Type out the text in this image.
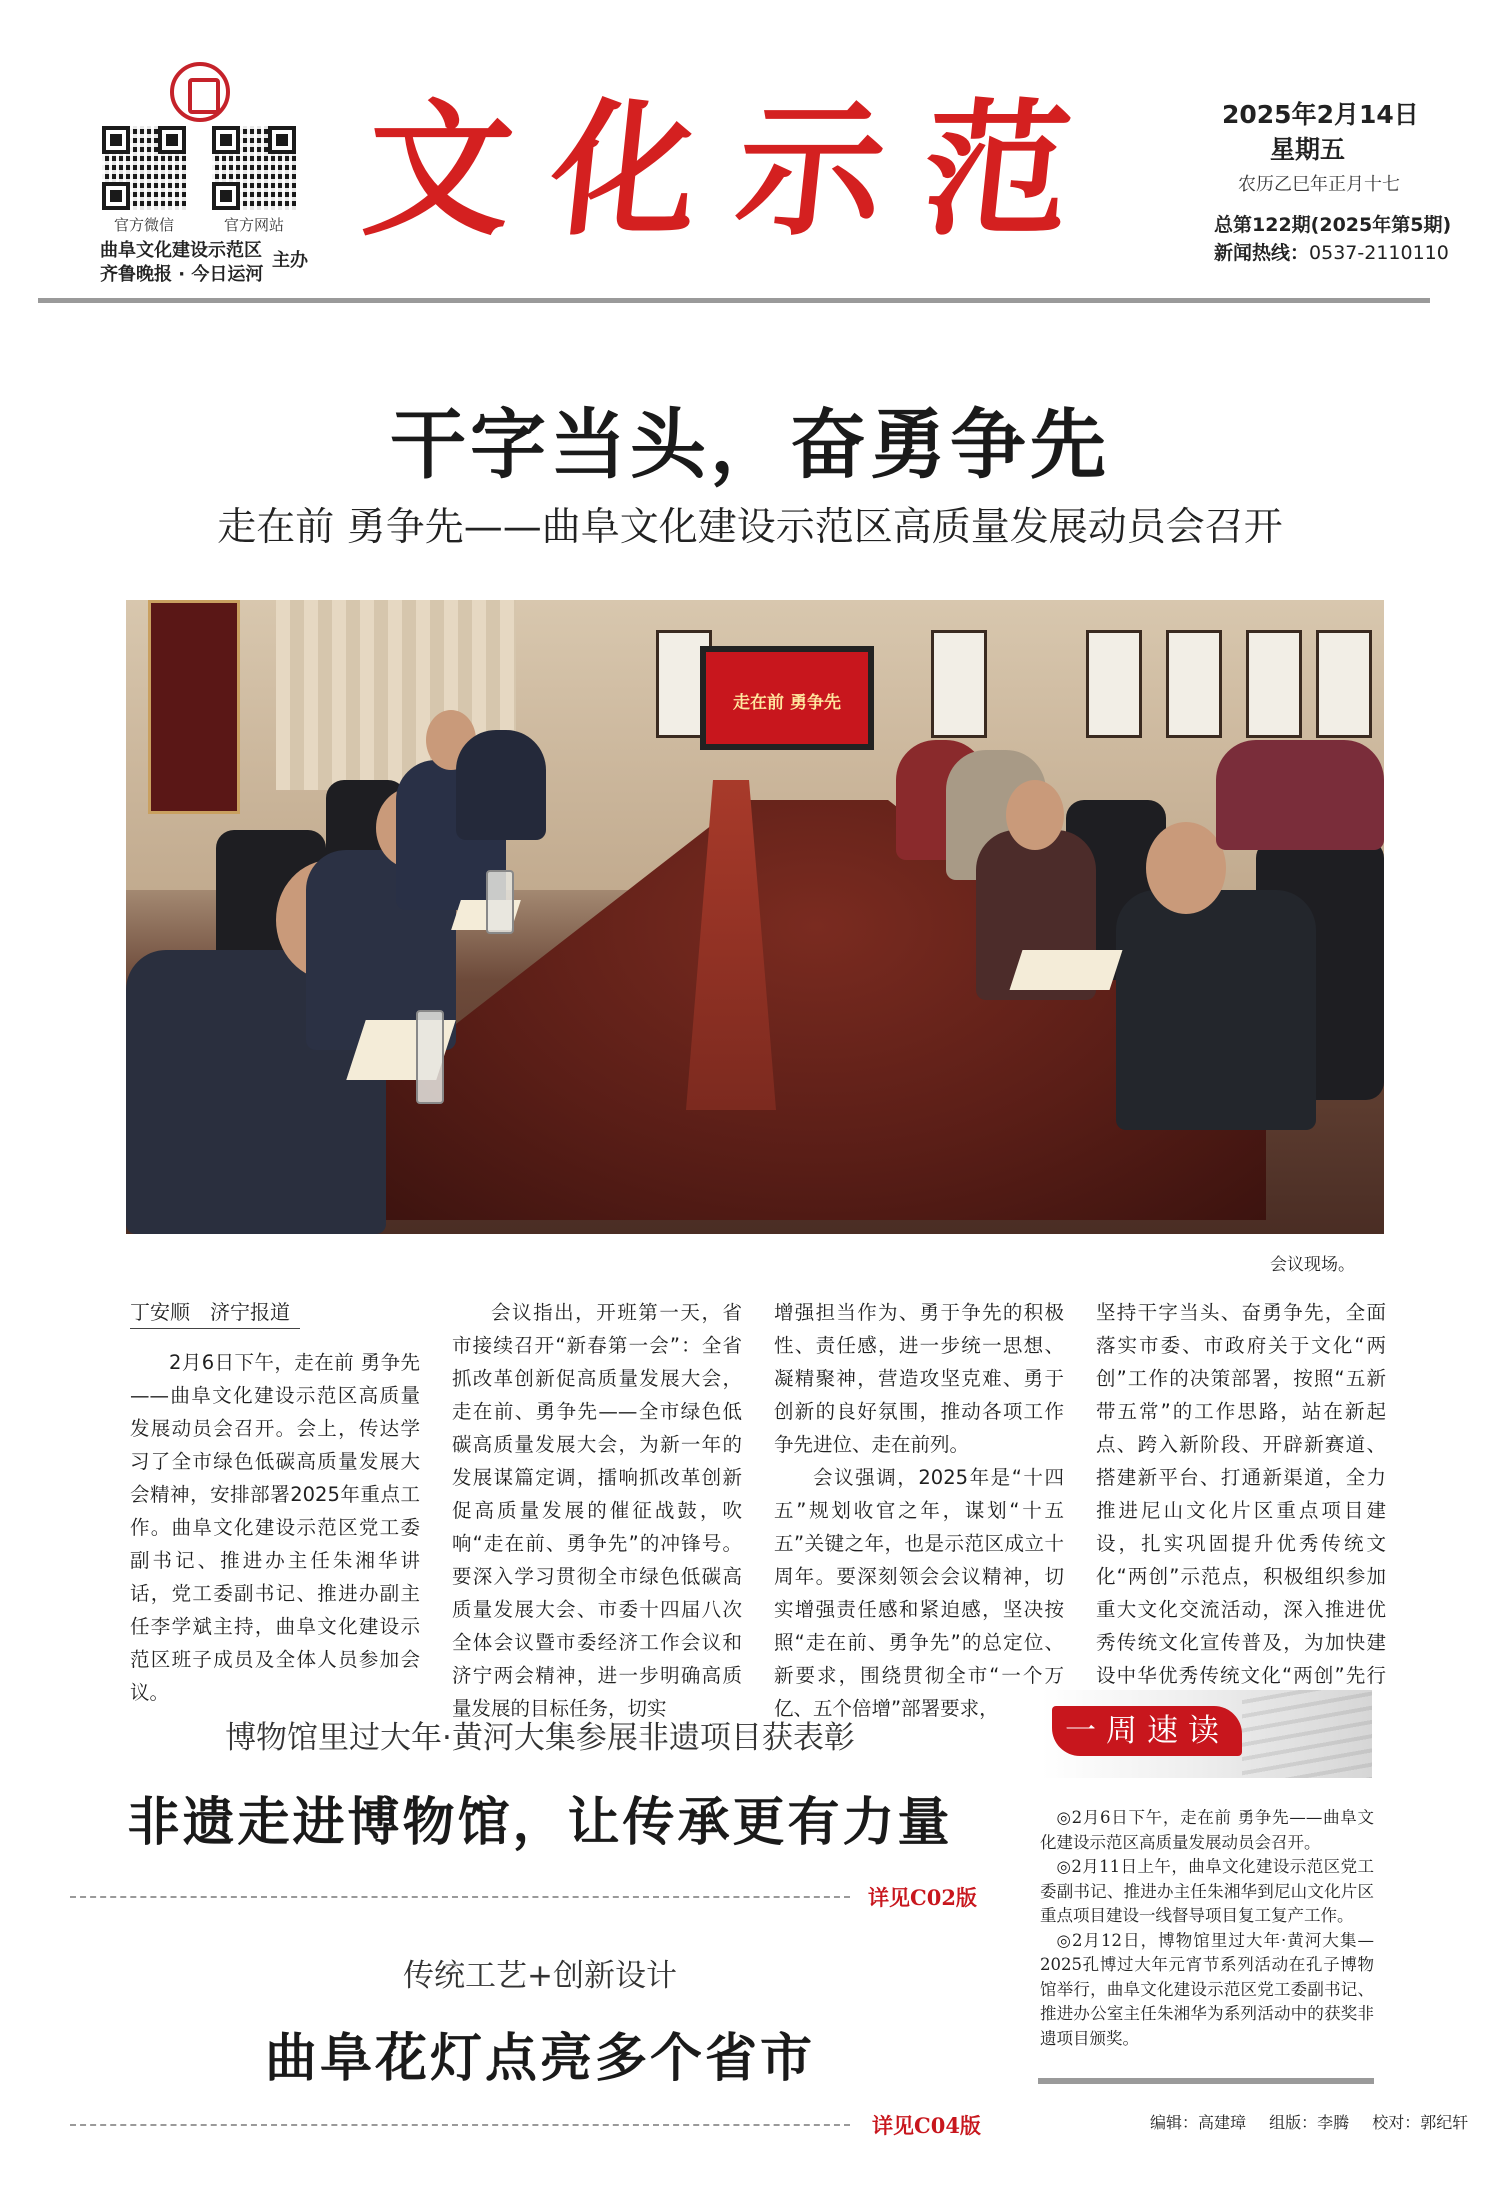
官方微信	官方网站
曲阜文化建设示范区
齐鲁晚报 · 今日运河
主办
文化示范	2025年2月14日
星期五
农历乙巳年正月十七
总第122期(2025年第5期)
新闻热线：0537-2110110
干字当头，奋勇争先
走在前 勇争先——曲阜文化建设示范区高质量发展动员会召开
走在前 勇争先
会议现场。
丁安顺　济宁报道

2月6日下午，走在前 勇争先——曲阜文化建设示范区高质量发展动员会召开。会上，传达学习了全市绿色低碳高质量发展大会精神，安排部署2025年重点工作。曲阜文化建设示范区党工委副书记、推进办主任朱湘华讲话，党工委副书记、推进办副主任李学斌主持，曲阜文化建设示范区班子成员及全体人员参加会议。

会议指出，开班第一天，省市接续召开“新春第一会”：全省抓改革创新促高质量发展大会，走在前、勇争先——全市绿色低碳高质量发展大会，为新一年的发展谋篇定调，擂响抓改革创新促高质量发展的催征战鼓，吹响“走在前、勇争先”的冲锋号。要深入学习贯彻全市绿色低碳高质量发展大会、市委十四届八次全体会议暨市委经济工作会议和济宁两会精神，进一步明确高质量发展的目标任务，切实

增强担当作为、勇于争先的积极性、责任感，进一步统一思想、凝精聚神，营造攻坚克难、勇于创新的良好氛围，推动各项工作争先进位、走在前列。

会议强调，2025年是“十四五”规划收官之年，谋划“十五五”关键之年，也是示范区成立十周年。要深刻领会会议精神，切实增强责任感和紧迫感，坚决按照“走在前、勇争先”的总定位、新要求，围绕贯彻全市“一个万亿、五个倍增”部署要求，

坚持干字当头、奋勇争先，全面落实市委、市政府关于文化“两创”工作的决策部署，按照“五新带五常”的工作思路，站在新起点、跨入新阶段、开辟新赛道、搭建新平台、打通新渠道，全力推进尼山文化片区重点项目建设，扎实巩固提升优秀传统文化“两创”示范点，积极组织参加重大文化交流活动，深入推进优秀传统文化宣传普及，为加快建设中华优秀传统文化“两创”先行

博物馆里过大年·黄河大集参展非遗项目获表彰
非遗走进博物馆，让传承更有力量
详见C02版
传统工艺+创新设计
曲阜花灯点亮多个省市
详见C04版
一周速读

◎2月6日下午，走在前 勇争先——曲阜文化建设示范区高质量发展动员会召开。

◎2月11日上午，曲阜文化建设示范区党工委副书记、推进办主任朱湘华到尼山文化片区重点项目建设一线督导项目复工复产工作。

◎2月12日，博物馆里过大年·黄河大集—2025孔博过大年元宵节系列活动在孔子博物馆举行，曲阜文化建设示范区党工委副书记、推进办公室主任朱湘华为系列活动中的获奖非遗项目颁奖。

编辑：高建璋 组版：李腾 校对：郭纪轩
